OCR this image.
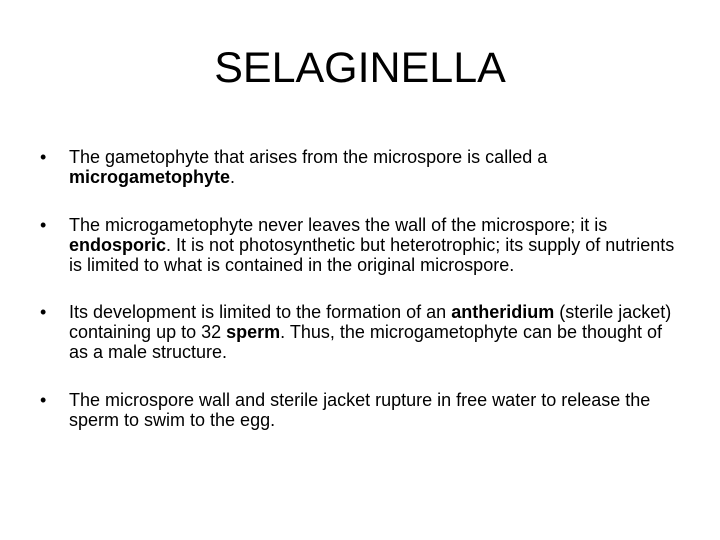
SELAGINELLA
• The gametophyte that arises from the microspore is called a microgametophyte.
• The microgametophyte never leaves the wall of the microspore; it is endosporic. It is not photosynthetic but heterotrophic; its supply of nutrients is limited to what is contained in the original microspore.
• Its development is limited to the formation of an antheridium (sterile jacket) containing up to 32 sperm. Thus, the microgametophyte can be thought of as a male structure.
• The microspore wall and sterile jacket rupture in free water to release the sperm to swim to the egg.
